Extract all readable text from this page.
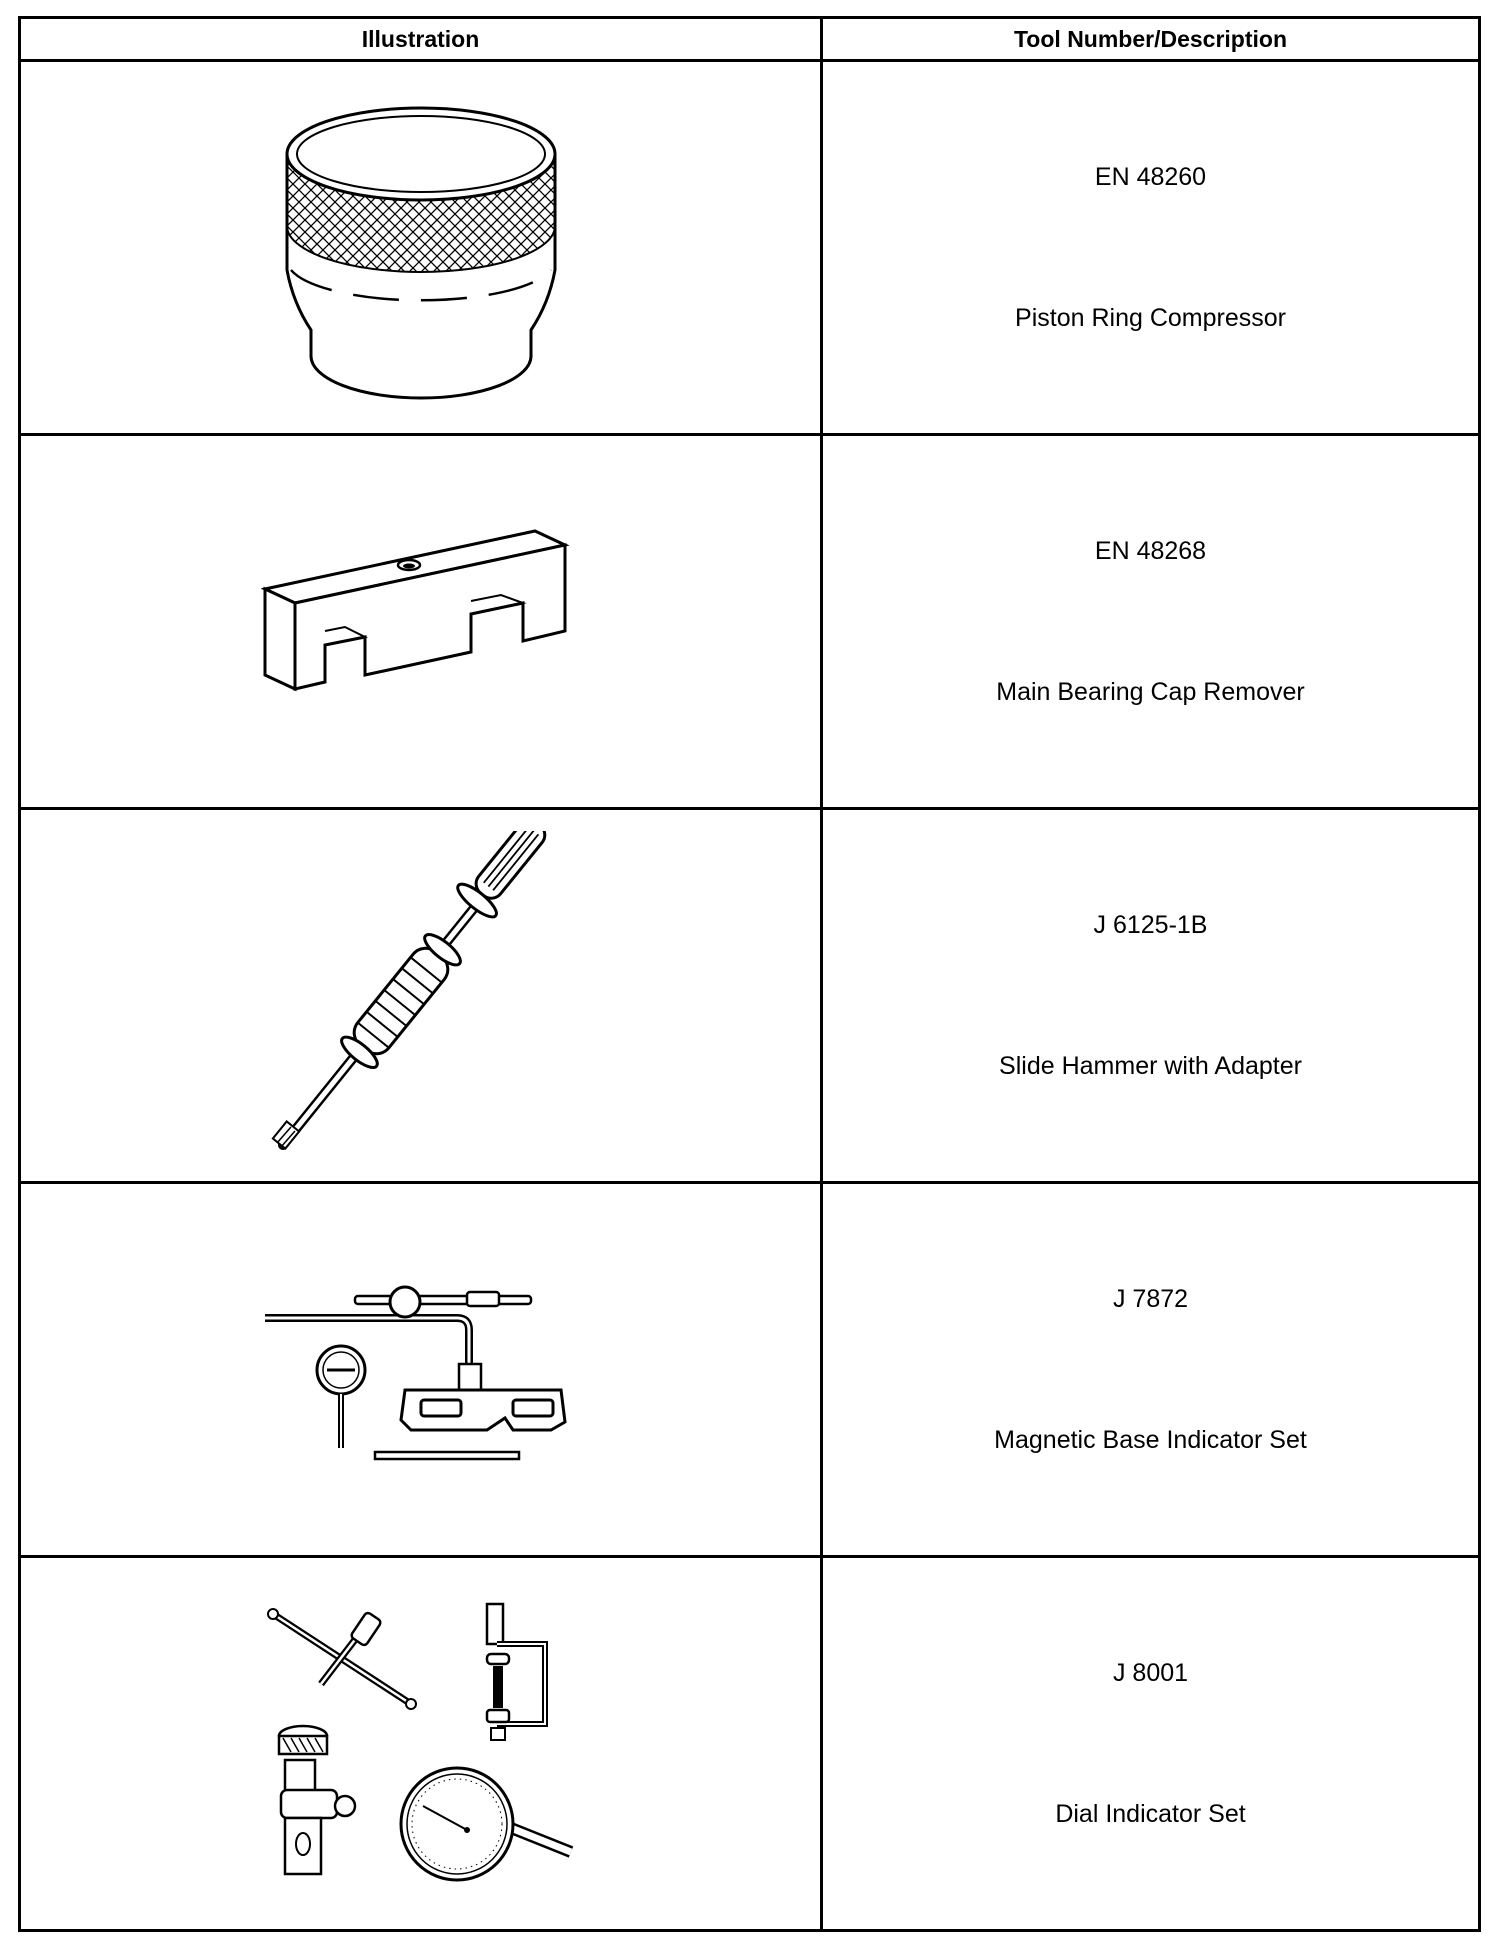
Illustration	Tool Number/Description

EN 48260
Piston Ring Compressor

EN 48268
Main Bearing Cap Remover

J 6125-1B
Slide Hammer with Adapter

J 7872
Magnetic Base Indicator Set

J 8001
Dial Indicator Set
